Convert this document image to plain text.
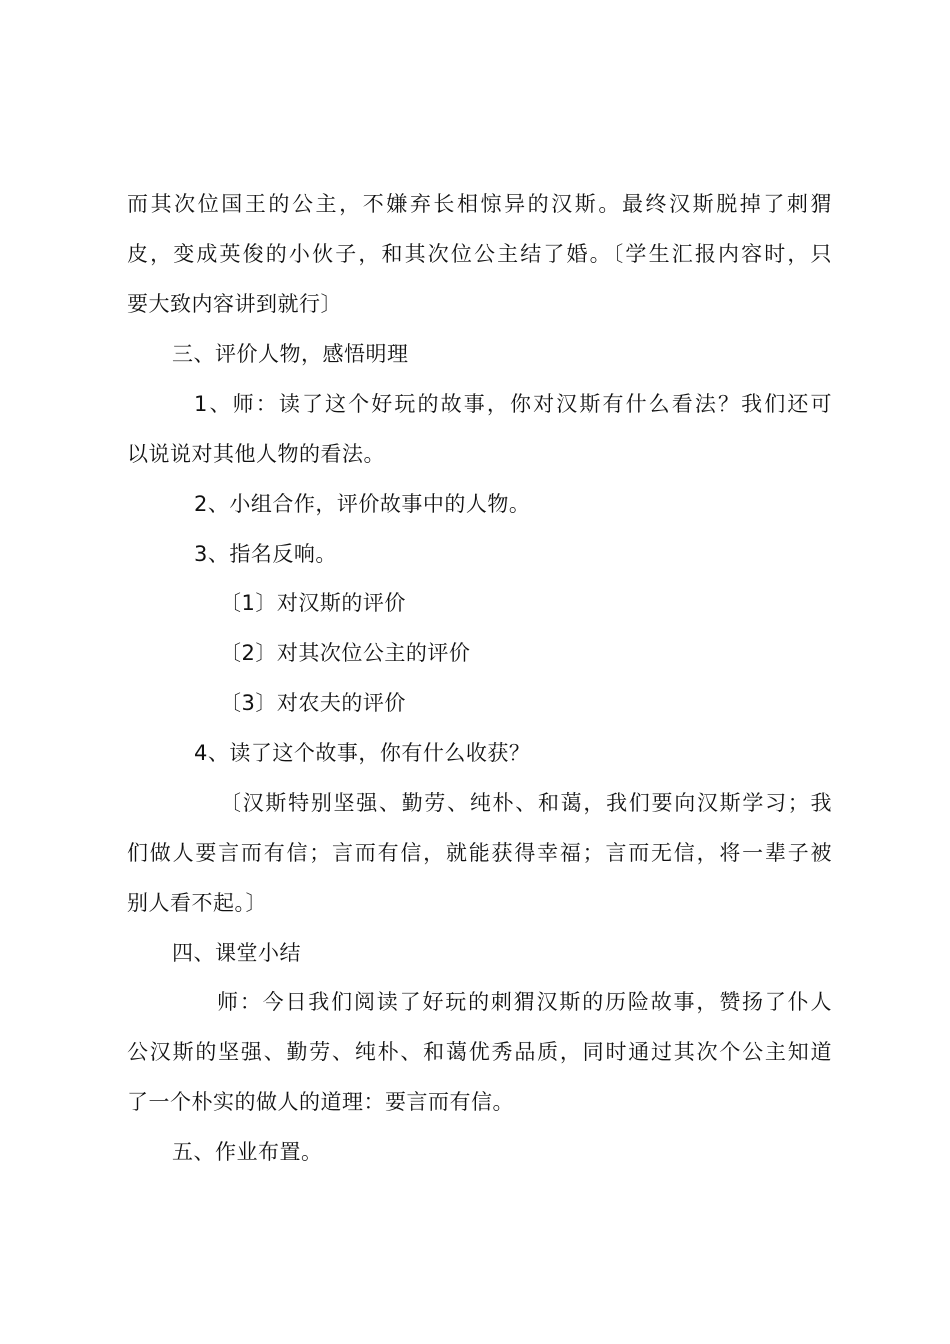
而其次位国王的公主，不嫌弃长相惊异的汉斯。最终汉斯脱掉了刺猬
皮，变成英俊的小伙子，和其次位公主结了婚。〔学生汇报内容时，只
要大致内容讲到就行〕
三、评价人物，感悟明理
1、师：读了这个好玩的故事，你对汉斯有什么看法？我们还可
以说说对其他人物的看法。
2、小组合作，评价故事中的人物。
3、指名反响。
〔1〕对汉斯的评价
〔2〕对其次位公主的评价
〔3〕对农夫的评价
4、读了这个故事，你有什么收获？
〔汉斯特别坚强、勤劳、纯朴、和蔼，我们要向汉斯学习；我
们做人要言而有信；言而有信，就能获得幸福；言而无信，将一辈子被
别人看不起。〕
四、课堂小结
师：今日我们阅读了好玩的刺猬汉斯的历险故事，赞扬了仆人
公汉斯的坚强、勤劳、纯朴、和蔼优秀品质，同时通过其次个公主知道
了一个朴实的做人的道理：要言而有信。
五、作业布置。
